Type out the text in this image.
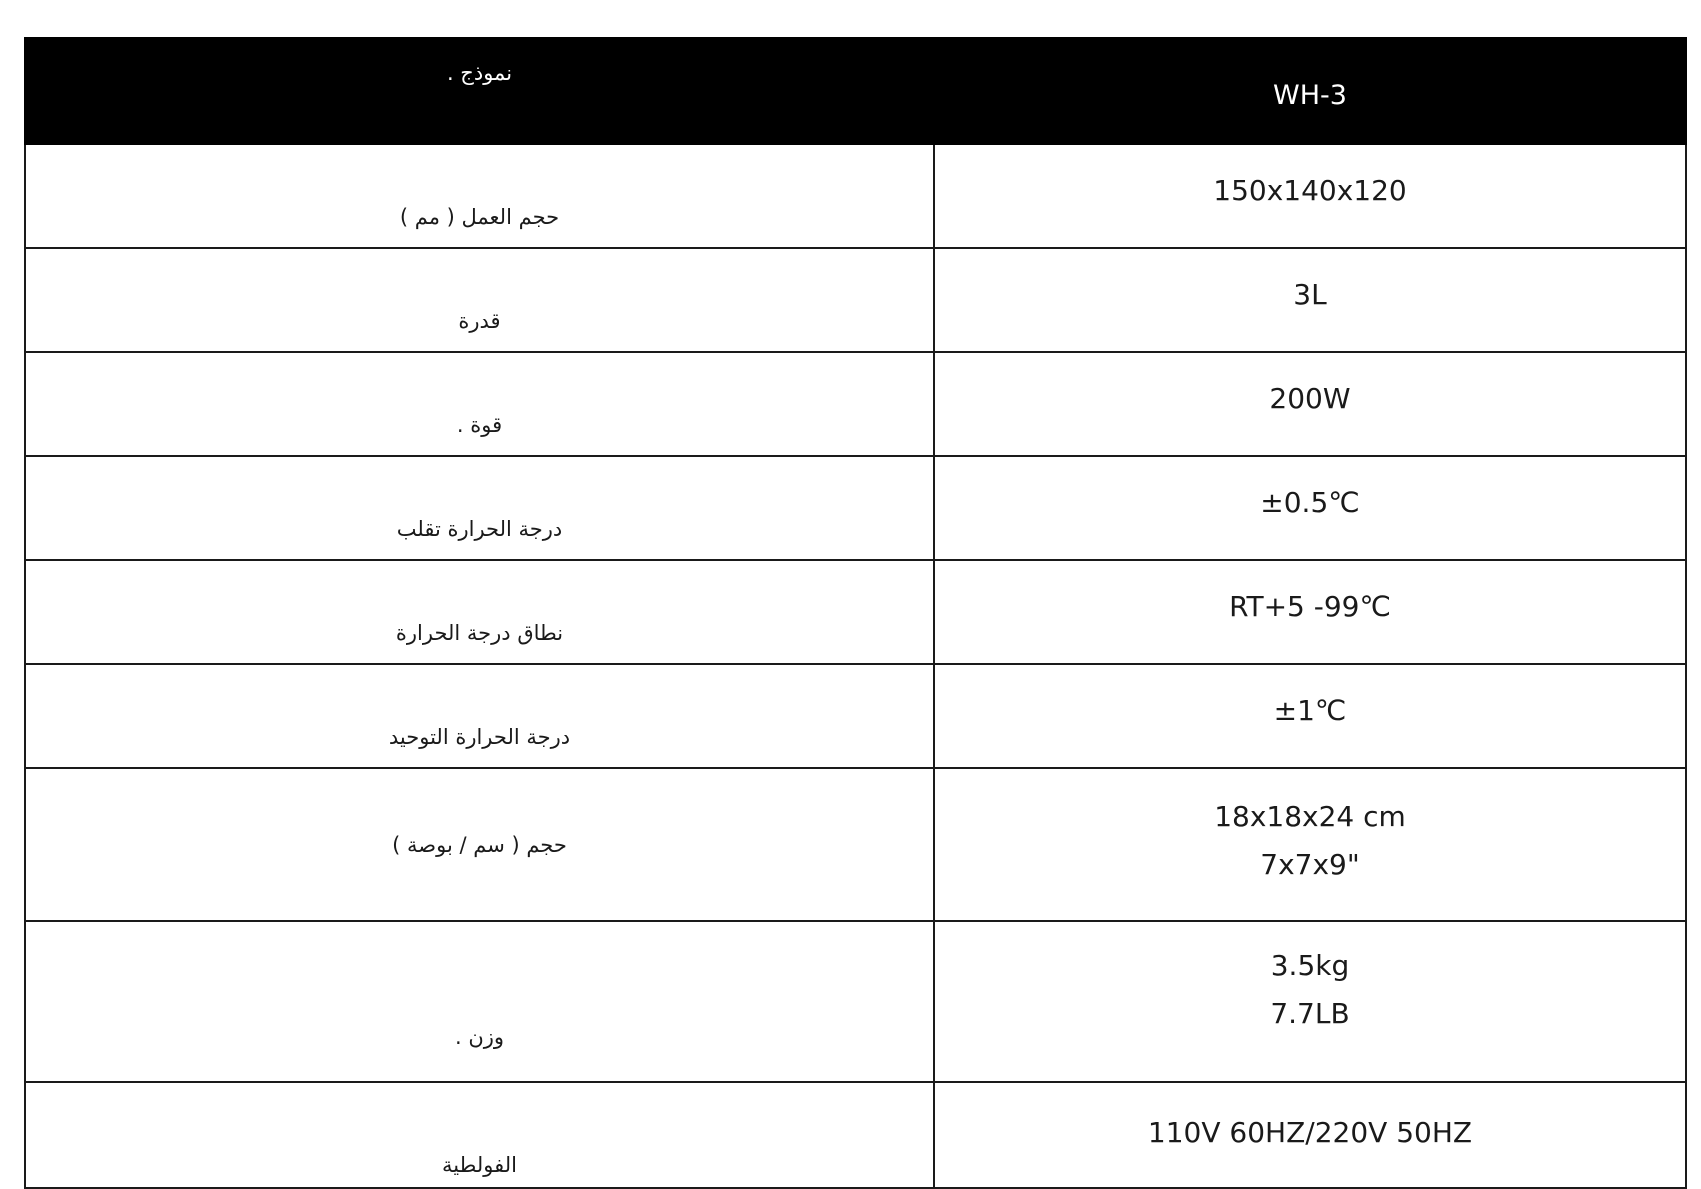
نموذج .	WH-3
حجم العمل ( مم )	150x140x120

قدرة	3L

قوة .	200W

درجة الحرارة تقلب	±0.5℃

نطاق درجة الحرارة	RT+5 -99℃

درجة الحرارة التوحيد	±1℃

حجم ( سم / بوصة )	18x18x24 cm
7x7x9"

وزن .	3.5kg
7.7LB

الفولطية	110V 60HZ/220V 50HZ
